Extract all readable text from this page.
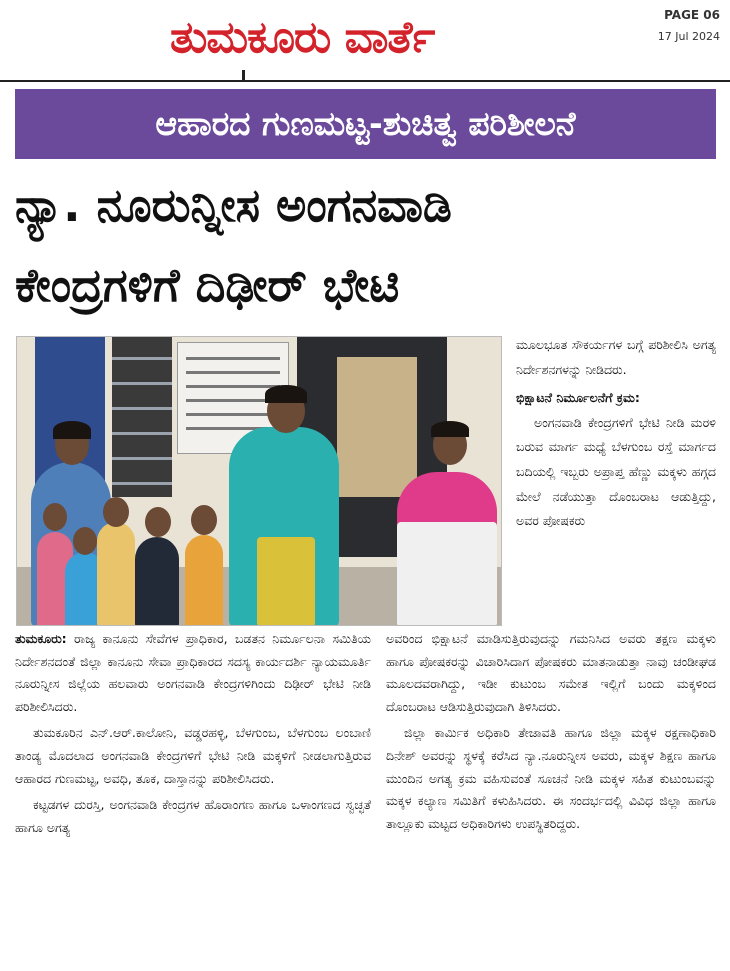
ತುಮಕೂರು ವಾರ್ತೆ	PAGE 06
17 Jul 2024
ಆಹಾರದ ಗುಣಮಟ್ಟ-ಶುಚಿತ್ವ ಪರಿಶೀಲನೆ
ನ್ಯಾ. ನೂರುನ್ನೀಸ ಅಂಗನವಾಡಿ
ಕೇಂದ್ರಗಳಿಗೆ ದಿಢೀರ್ ಭೇಟಿ

ಮೂಲಭೂತ ಸೌಕರ್ಯಗಳ ಬಗ್ಗೆ ಪರಿಶೀಲಿಸಿ ಅಗತ್ಯ ನಿರ್ದೇಶನಗಳನ್ನು ನೀಡಿದರು.

ಭಿಕ್ಷಾಟನೆ ನಿರ್ಮೂಲನೆಗೆ ಕ್ರಮ:

ಅಂಗನವಾಡಿ ಕೇಂದ್ರಗಳಿಗೆ ಭೇಟಿ ನೀಡಿ ಮರಳಿ ಬರುವ ಮಾರ್ಗ ಮಧ್ಯೆ ಬೆಳಗುಂಬ ರಸ್ತೆ ಮಾರ್ಗದ ಬದಿಯಲ್ಲಿ ಇಬ್ಬರು ಅಪ್ರಾಪ್ತ ಹೆಣ್ಣು ಮಕ್ಕಳು ಹಗ್ಗದ ಮೇಲೆ ನಡೆಯುತ್ತಾ ದೊಂಬರಾಟ ಆಡುತ್ತಿದ್ದು, ಅವರ ಪೋಷಕರು

ತುಮಕೂರು: ರಾಜ್ಯ ಕಾನೂನು ಸೇವೆಗಳ ಪ್ರಾಧಿಕಾರ, ಬಡತನ ನಿರ್ಮೂಲನಾ ಸಮಿತಿಯ ನಿರ್ದೇಶನದಂತೆ ಜಿಲ್ಲಾ ಕಾನೂನು ಸೇವಾ ಪ್ರಾಧಿಕಾರದ ಸದಸ್ಯ ಕಾರ್ಯದರ್ಶಿ ನ್ಯಾಯಮೂರ್ತಿ ನೂರುನ್ನೀಸ ಜಿಲ್ಲೆಯ ಹಲವಾರು ಅಂಗನವಾಡಿ ಕೇಂದ್ರಗಳಿಗಿಂದು ದಿಢೀರ್ ಭೇಟಿ ನೀಡಿ ಪರಿಶೀಲಿಸಿದರು.

ತುಮಕೂರಿನ ಎನ್.ಆರ್.ಕಾಲೋನಿ, ವಡ್ಡರಹಳ್ಳಿ, ಬೆಳಗುಂಬ, ಬೆಳಗುಂಬ ಲಂಬಾಣಿ ತಾಂಡ್ಯ ಮೊದಲಾದ ಅಂಗನವಾಡಿ ಕೇಂದ್ರಗಳಿಗೆ ಭೇಟಿ ನೀಡಿ ಮಕ್ಕಳಿಗೆ ನೀಡಲಾಗುತ್ತಿರುವ ಆಹಾರದ ಗುಣಮಟ್ಟ, ಅವಧಿ, ತೂಕ, ದಾಸ್ತಾನನ್ನು ಪರಿಶೀಲಿಸಿದರು.

ಕಟ್ಟಡಗಳ ದುರಸ್ತಿ, ಅಂಗನವಾಡಿ ಕೇಂದ್ರಗಳ ಹೊರಾಂಗಣ ಹಾಗೂ ಒಳಾಂಗಣದ ಸ್ವಚ್ಛತೆ ಹಾಗೂ ಅಗತ್ಯ

ಅವರಿಂದ ಭಿಕ್ಷಾಟನೆ ಮಾಡಿಸುತ್ತಿರುವುದನ್ನು ಗಮನಿಸಿದ ಅವರು ತಕ್ಷಣ ಮಕ್ಕಳು ಹಾಗೂ ಪೋಷಕರನ್ನು ವಿಚಾರಿಸಿದಾಗ ಪೋಷಕರು ಮಾತನಾಡುತ್ತಾ ನಾವು ಚಂಡೀಘಡ ಮೂಲದವರಾಗಿದ್ದು, ಇಡೀ ಕುಟುಂಬ ಸಮೇತ ಇಲ್ಲಿಗೆ ಬಂದು ಮಕ್ಕಳಿಂದ ದೊಂಬರಾಟ ಆಡಿಸುತ್ತಿರುವುದಾಗಿ ತಿಳಿಸಿದರು.

ಜಿಲ್ಲಾ ಕಾರ್ಮಿಕ ಅಧಿಕಾರಿ ತೇಜಾವತಿ ಹಾಗೂ ಜಿಲ್ಲಾ ಮಕ್ಕಳ ರಕ್ಷಣಾಧಿಕಾರಿ ದಿನೇಶ್ ಅವರನ್ನು ಸ್ಥಳಕ್ಕೆ ಕರೆಸಿದ ನ್ಯಾ.ನೂರುನ್ನೀಸ ಅವರು, ಮಕ್ಕಳ ಶಿಕ್ಷಣ ಹಾಗೂ ಮುಂದಿನ ಅಗತ್ಯ ಕ್ರಮ ವಹಿಸುವಂತೆ ಸೂಚನೆ ನೀಡಿ ಮಕ್ಕಳ ಸಹಿತ ಕುಟುಂಬವನ್ನು ಮಕ್ಕಳ ಕಲ್ಯಾಣ ಸಮಿತಿಗೆ ಕಳುಹಿಸಿದರು. ಈ ಸಂದರ್ಭದಲ್ಲಿ ವಿವಿಧ ಜಿಲ್ಲಾ ಹಾಗೂ ತಾಲ್ಲೂಕು ಮಟ್ಟದ ಅಧಿಕಾರಿಗಳು ಉಪಸ್ಥಿತರಿದ್ದರು.
